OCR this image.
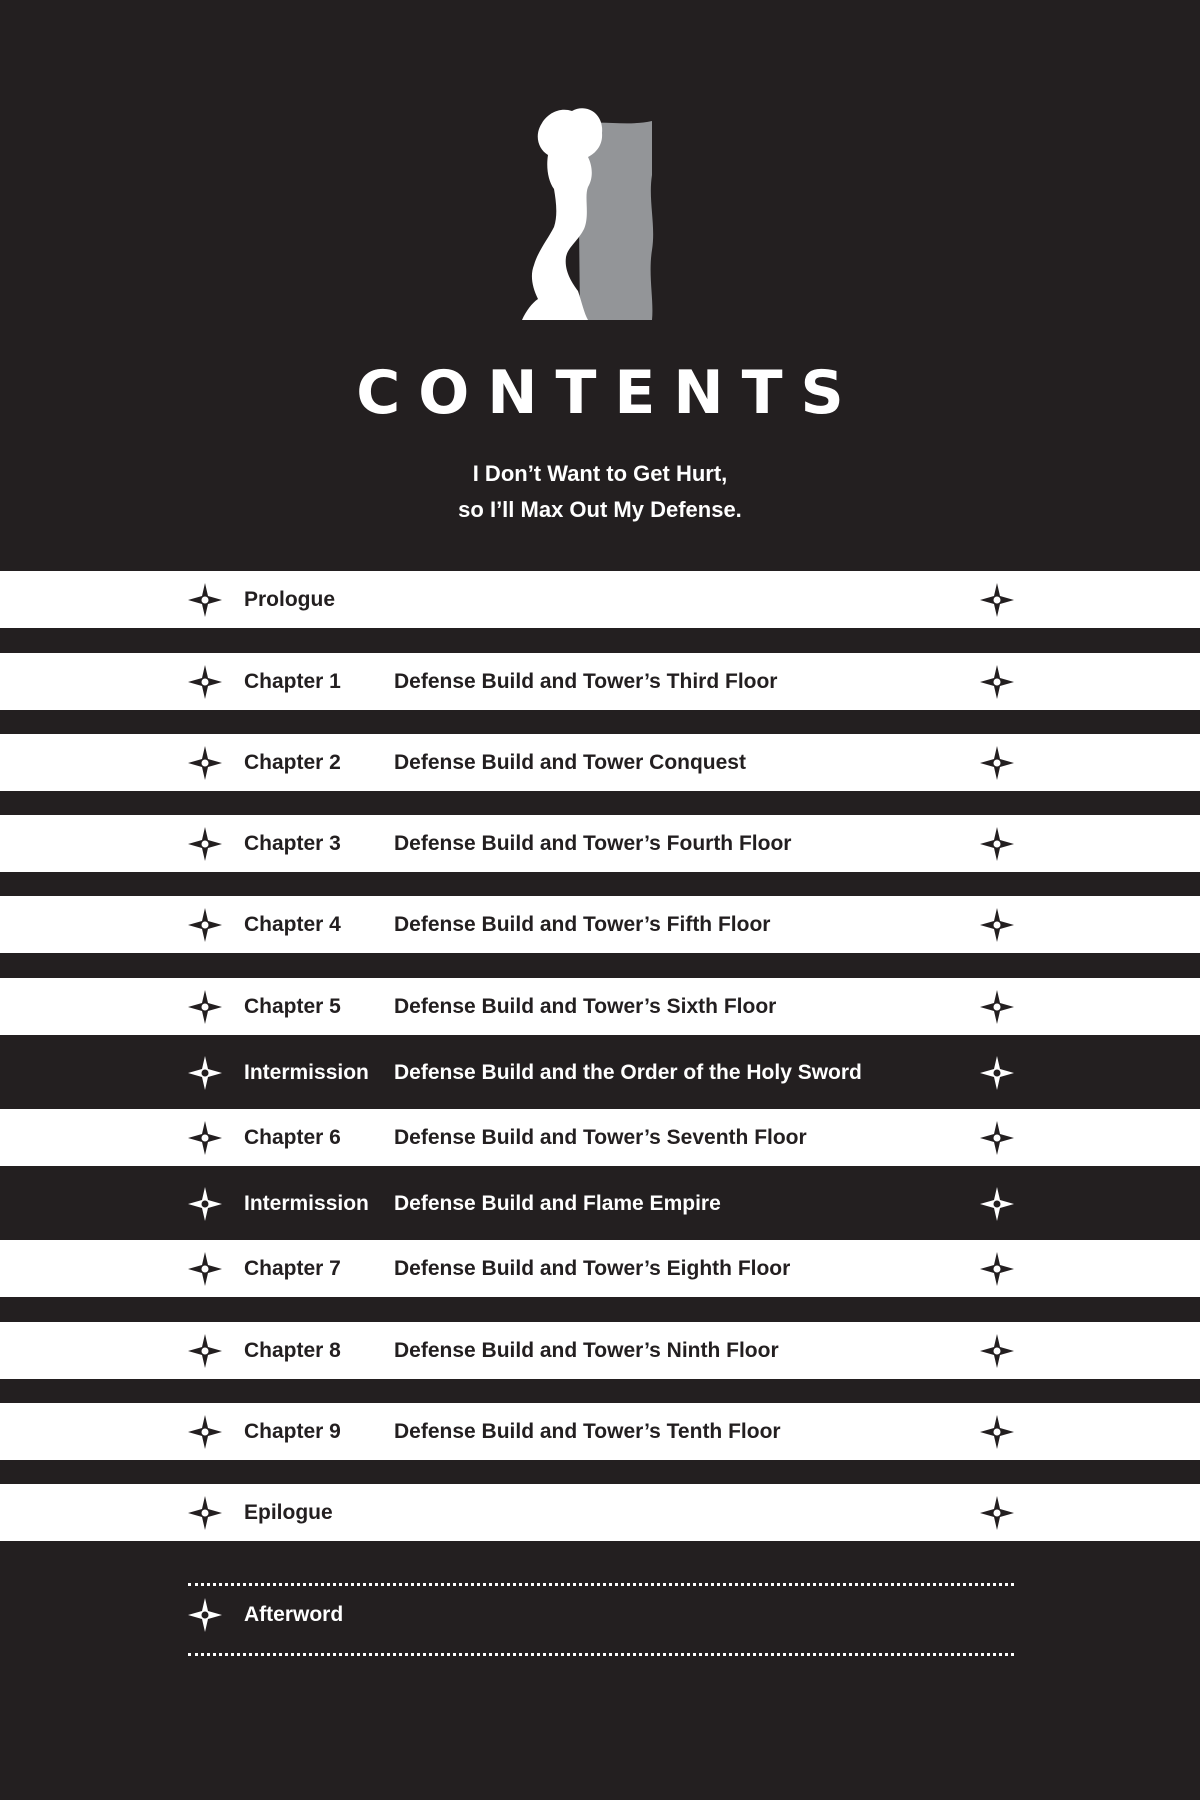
CONTENTS
I Don’t Want to Get Hurt,
so I’ll Max Out My Defense.
Prologue
Chapter 1	Defense Build and Tower’s Third Floor
Chapter 2	Defense Build and Tower Conquest
Chapter 3	Defense Build and Tower’s Fourth Floor
Chapter 4	Defense Build and Tower’s Fifth Floor
Chapter 5	Defense Build and Tower’s Sixth Floor
Intermission Defense Build and the Order of the Holy Sword
Chapter 6	Defense Build and Tower’s Seventh Floor
Intermission Defense Build and Flame Empire
Chapter 7	Defense Build and Tower’s Eighth Floor
Chapter 8	Defense Build and Tower’s Ninth Floor
Chapter 9	Defense Build and Tower’s Tenth Floor
Epilogue
Afterword
